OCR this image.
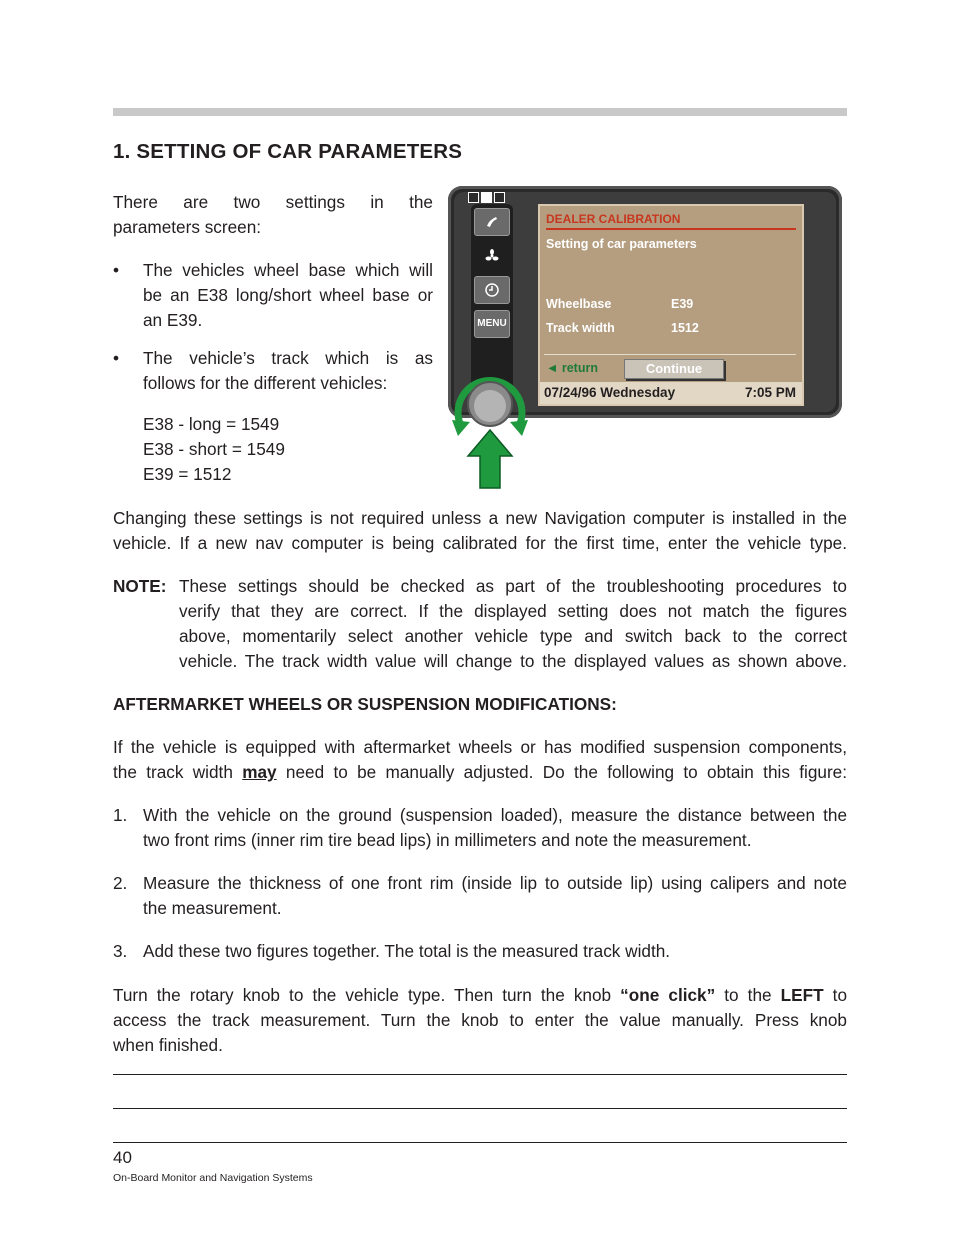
1. SETTING OF CAR PARAMETERS

There are two settings in the

parameters screen:

• The vehicles wheel base which will

be an E38 long/short wheel base or

an E39.

• The vehicle’s track which is as

follows for the different vehicles:

E38 - long = 1549

E38 - short = 1549

E39 = 1512

MENU
DEALER CALIBRATION
Setting of car parameters
Wheelbase	E39
Track width	1512
◄ return	Continue
07/24/96 Wednesday	7:05 PM

Changing these settings is not required unless a new Navigation computer is installed in the

vehicle. If a new nav computer is being calibrated for the first time, enter the vehicle type.

NOTE: These settings should be checked as part of the troubleshooting procedures to

verify that they are correct. If the displayed setting does not match the figures

above, momentarily select another vehicle type and switch back to the correct

vehicle. The track width value will change to the displayed values as shown above.

AFTERMARKET WHEELS OR SUSPENSION MODIFICATIONS:

If the vehicle is equipped with aftermarket wheels or has modified suspension components,

the track width may need to be manually adjusted. Do the following to obtain this figure:

1. With the vehicle on the ground (suspension loaded), measure the distance between the

two front rims (inner rim tire bead lips) in millimeters and note the measurement.

2. Measure the thickness of one front rim (inside lip to outside lip) using calipers and note

the measurement.

3. Add these two figures together. The total is the measured track width.

Turn the rotary knob to the vehicle type. Then turn the knob “one click” to the LEFT to

access the track measurement. Turn the knob to enter the value manually. Press knob

when finished.

40
On-Board Monitor and Navigation Systems
